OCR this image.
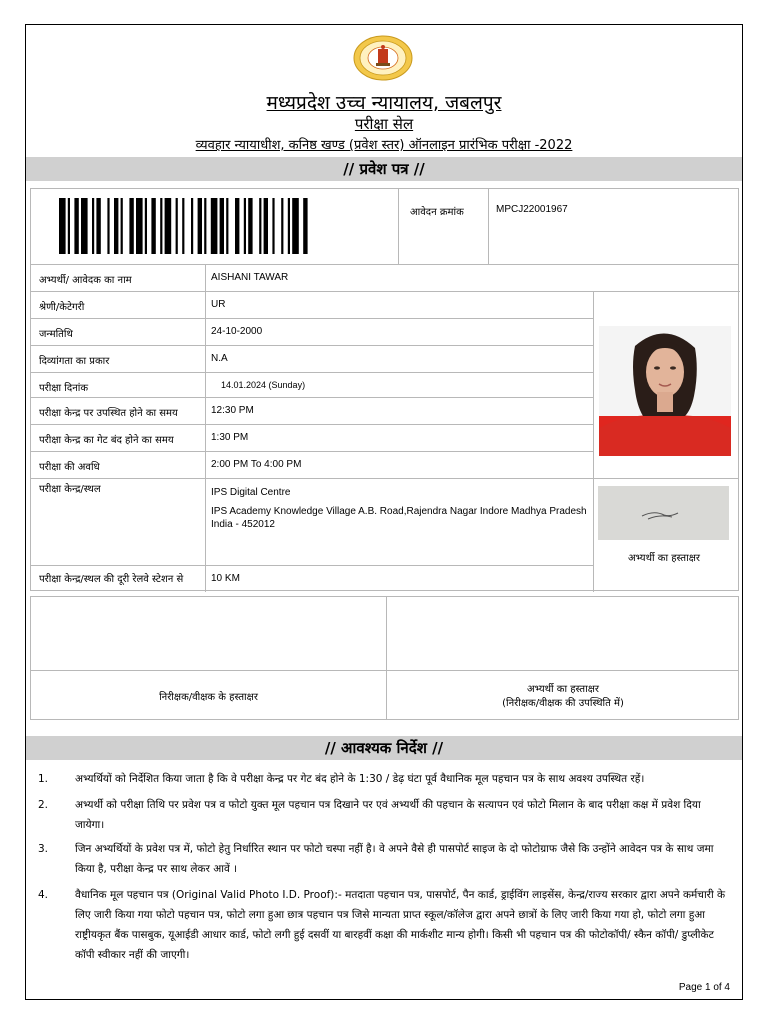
मध्यप्रदेश उच्च न्यायालय, जबलपुर
परीक्षा सेल
व्यवहार न्यायाधीश, कनिष्ठ खण्ड (प्रवेश स्तर) ऑनलाइन प्रारंभिक परीक्षा -2022
// प्रवेश पत्र //
आवेदन क्रमांक	MPCJ22001967
अभ्यर्थी/ आवेदक का नाम	AISHANI TAWAR
श्रेणी/केटेगरी	UR
जन्मतिथि	24-10-2000
दिव्यांगता का प्रकार	N.A
परीक्षा दिनांक	14.01.2024 (Sunday)
परीक्षा केन्द्र पर उपस्थित होने का समय	12:30 PM
परीक्षा केन्द्र का गेट बंद होने का समय	1:30 PM
परीक्षा की अवधि	2:00 PM To 4:00 PM
परीक्षा केन्द्र/स्थल	IPS Digital Centre
IPS Academy Knowledge Village A.B. Road,Rajendra Nagar Indore Madhya Pradesh India - 452012
परीक्षा केन्द्र/स्थल की दूरी रेलवे स्टेशन से	10 KM
अभ्यर्थी का हस्ताक्षर
निरीक्षक/वीक्षक के हस्ताक्षर
अभ्यर्थी का हस्ताक्षर
(निरीक्षक/वीक्षक की उपस्थिति में)
// आवश्यक निर्देश //
1.	अभ्यर्थियों को निर्देशित किया जाता है कि वे परीक्षा केन्द्र पर गेट बंद होने के 1:30 / डेढ़ घंटा पूर्व वैधानिक मूल पहचान पत्र के साथ अवश्य उपस्थित रहें।
2.	अभ्यर्थी को परीक्षा तिथि पर प्रवेश पत्र व फोटो युक्त मूल पहचान पत्र दिखाने पर एवं अभ्यर्थी की पहचान के सत्यापन एवं फोटो मिलान के बाद परीक्षा कक्ष में प्रवेश दिया जायेगा।
3.	जिन अभ्यर्थियों के प्रवेश पत्र में, फोटो हेतु निर्धारित स्थान पर फोटो चस्पा नहीं है। वे अपने वैसे ही पासपोर्ट साइज के दो फोटोग्राफ जैसे कि उन्होंने आवेदन पत्र के साथ जमा किया है, परीक्षा केन्द्र पर साथ लेकर आवें ।
4.	वैधानिक मूल पहचान पत्र (Original Valid Photo I.D. Proof):- मतदाता पहचान पत्र, पासपोर्ट, पैन कार्ड, ड्राईविंग लाइसेंस, केन्द्र/राज्य सरकार द्वारा अपने कर्मचारी के लिए जारी किया गया फोटो पहचान पत्र, फोटो लगा हुआ छात्र पहचान पत्र जिसे मान्यता प्राप्त स्कूल/कॉलेज द्वारा अपने छात्रों के लिए जारी किया गया हो, फोटो लगा हुआ राष्ट्रीयकृत बैंक पासबुक, यूआईडी आधार कार्ड, फोटो लगी हुई दसवीं या बारहवीं कक्षा की मार्कशीट मान्य होगी। किसी भी पहचान पत्र की फोटोकॉपी/ स्कैन कॉपी/ डुप्लीकेट कॉपी स्वीकार नहीं की जाएगी।
Page 1 of 4
